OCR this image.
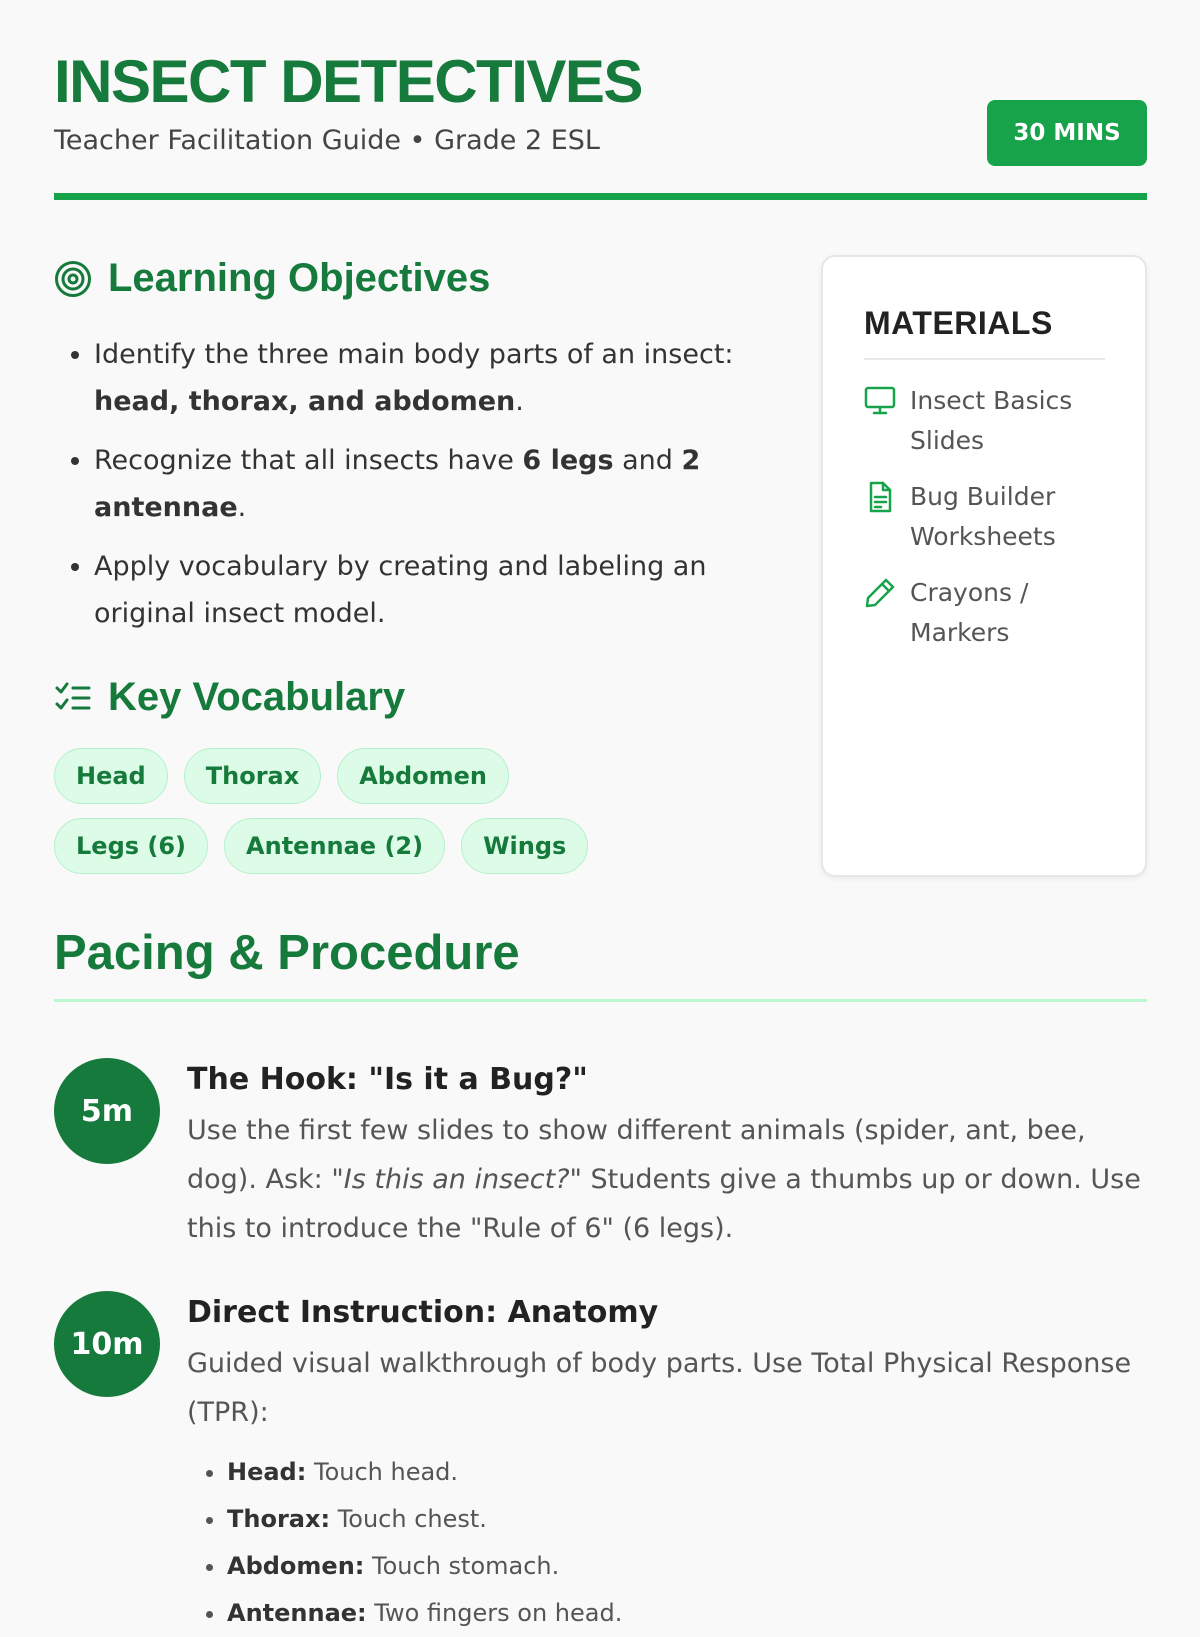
INSECT DETECTIVES
Teacher Facilitation Guide • Grade 2 ESL	30 MINS
Learning Objectives
• Identify the three main body parts of an insect: head, thorax, and abdomen.
• Recognize that all insects have 6 legs and 2 antennae.
• Apply vocabulary by creating and labeling an original insect model.
Key Vocabulary
Head	Thorax	Abdomen
Legs (6)	Antennae (2)	Wings
MATERIALS
Insect Basics Slides
Bug Builder Worksheets
Crayons / Markers
Pacing & Procedure
5m
The Hook: "Is it a Bug?"

Use the first few slides to show different animals (spider, ant, bee, dog). Ask: "Is this an insect?" Students give a thumbs up or down. Use this to introduce the "Rule of 6" (6 legs).

10m
Direct Instruction: Anatomy

Guided visual walkthrough of body parts. Use Total Physical Response (TPR):

• Head: Touch head.
• Thorax: Touch chest.
• Abdomen: Touch stomach.
• Antennae: Two fingers on head.
